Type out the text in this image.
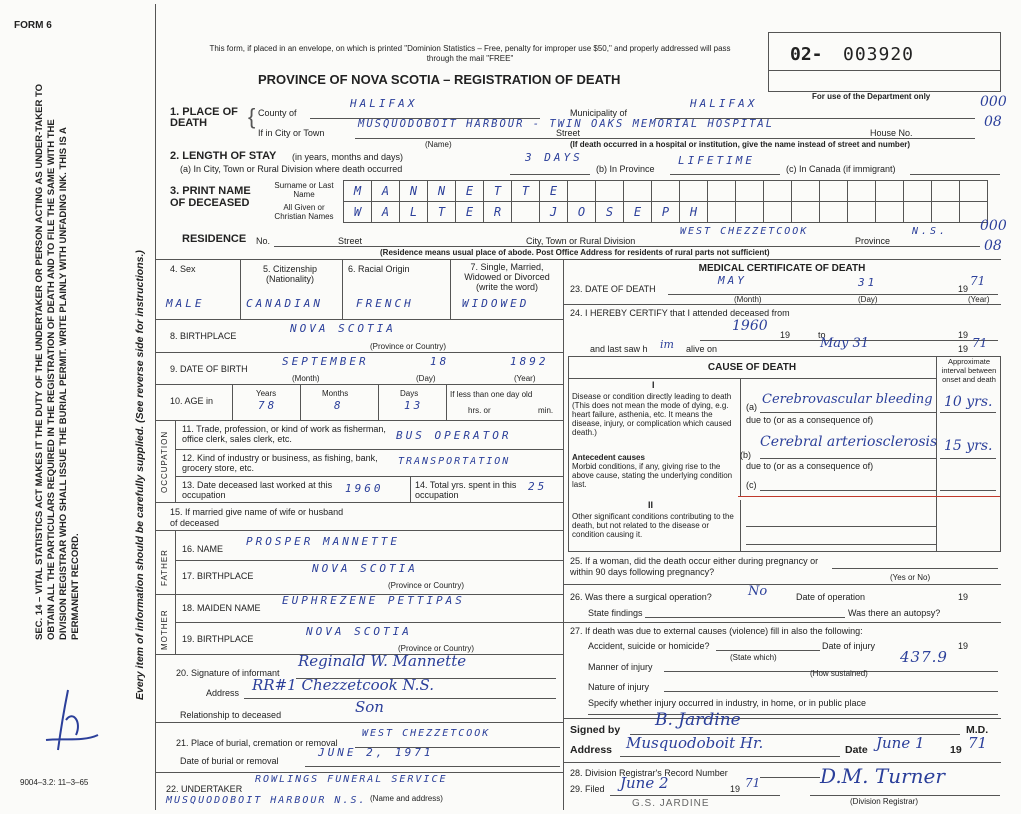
FORM 6
9004–3.2: 11–3–65
SEC. 14 – VITAL STATISTICS ACT MAKES IT THE DUTY OF THE UNDERTAKER OR PERSON ACTING AS UNDER-TAKER TO OBTAIN ALL THE PARTICULARS REQUIRED IN THE REGISTRATION OF DEATH AND TO FILE THE SAME WITH THE DIVISION REGISTRAR WHO SHALL ISSUE THE BURIAL PERMIT. WRITE PLAINLY WITH UNFADING INK. THIS IS A PERMANENT RECORD.	Every item of information should be carefully supplied. (See reverse side for instructions.)
This form, if placed in an envelope, on which is printed "Dominion Statistics – Free, penalty for improper use $50," and properly addressed will pass through the mail "FREE"
PROVINCE OF NOVA SCOTIA – REGISTRATION OF DEATH
02- 003920
For use of the Department only
1. PLACE OF DEATH	{ County of
HALIFAX
Municipality of
HALIFAX	000
08
If in City or Town
MUSQUODOBOIT HARBOUR - TWIN OAKS MEMORIAL HOSPITAL
Street	House No.
(Name)	(If death occurred in a hospital or institution, give the name instead of street and number)
2. LENGTH OF STAY (in years, months and days)
(a) In City, Town or Rural Division where death occurred
3 DAYS
(b) In Province
LIFETIME
(c) In Canada (if immigrant)
3. PRINT NAME OF DECEASED
Surname or Last Name
All Given or Christian Names
M	A	N	N	E	T	T	E
W	A	L	T	E	R	J	O	S	E	P	H
RESIDENCE No.	Street	City, Town or Rural Division
WEST CHEZZETCOOK
Province
N.S. 000
08
(Residence means usual place of abode. Post Office Address for residents of rural parts not sufficient)
4. Sex	5. Citizenship (Nationality)
6. Racial Origin	7. Single, Married, Widowed or Divorced (write the word)
MALE	CANADIAN	FRENCH	WIDOWED
8. BIRTHPLACE
NOVA SCOTIA
(Province or Country)
9. DATE OF BIRTH
SEPTEMBER	18	1892
(Month)	(Day)	(Year)
10. AGE in
Years	Months	Days
78	8	13
If less than one day old
hrs. or	min.
OCCUPATION
11. Trade, profession, or kind of work as fisherman, office clerk, sales clerk, etc.	BUS OPERATOR
12. Kind of industry or business, as fishing, bank, grocery store, etc.
TRANSPORTATION
13. Date deceased last worked at this occupation	1960	14. Total yrs. spent in this occupation
25
15. If married give name of wife or husband of deceased
FATHER
16. NAME
PROSPER MANNETTE
17. BIRTHPLACE
NOVA SCOTIA
(Province or Country)
MOTHER
18. MAIDEN NAME
EUPHREZENE PETTIPAS
19. BIRTHPLACE
NOVA SCOTIA
(Province or Country)
20. Signature of informant
Reginald W. Mannette
Address RR#1 Chezzetcook N.S.
Relationship to deceased	Son
21. Place of burial, cremation or removal
WEST CHEZZETCOOK
Date of burial or removal
JUNE 2, 1971
22. UNDERTAKER
ROWLINGS FUNERAL SERVICE
MUSQUODOBOIT HARBOUR N.S. (Name and address)
MEDICAL CERTIFICATE OF DEATH
23. DATE OF DEATH
MAY	31	19
71
(Month)	(Day)	(Year)
24. I HEREBY CERTIFY that I attended deceased from
1960
19	to	19
and last saw h im alive on	May 31	19 71
CAUSE OF DEATH
Approximate interval between onset and death
I
Disease or condition directly leading to death (This does not mean the mode of dying, e.g. heart failure, asthenia, etc. It means the disease, injury, or complication which caused death.)
Antecedent causes
Morbid conditions, if any, giving rise to the above cause, stating the underlying condition last.
(a) Cerebrovascular bleeding 10 yrs.
due to (or as a consequence of)
(b)
Cerebral arteriosclerosis 15 yrs.
due to (or as a consequence of)
(c)
II
Other significant conditions contributing to the death, but not related to the disease or condition causing it.
25. If a woman, did the death occur either during pregnancy or within 90 days following pregnancy?
(Yes or No)
26. Was there a surgical operation?	No	Date of operation	19
State findings	Was there an autopsy?
27. If death was due to external causes (violence) fill in also the following:
Accident, suicide or homicide?	Date of injury	19
(State which)
Manner of injury
437.9
(How sustained)
Nature of injury
Specify whether injury occurred in industry, in home, or in public place
Signed by B. Jardine	M.D.
Address Musquodoboit Hr.	Date June 1 19 71
28. Division Registrar's Record Number
29. Filed June 2	19 71
G.S. JARDINE
D.M. Turner
(Division Registrar)
